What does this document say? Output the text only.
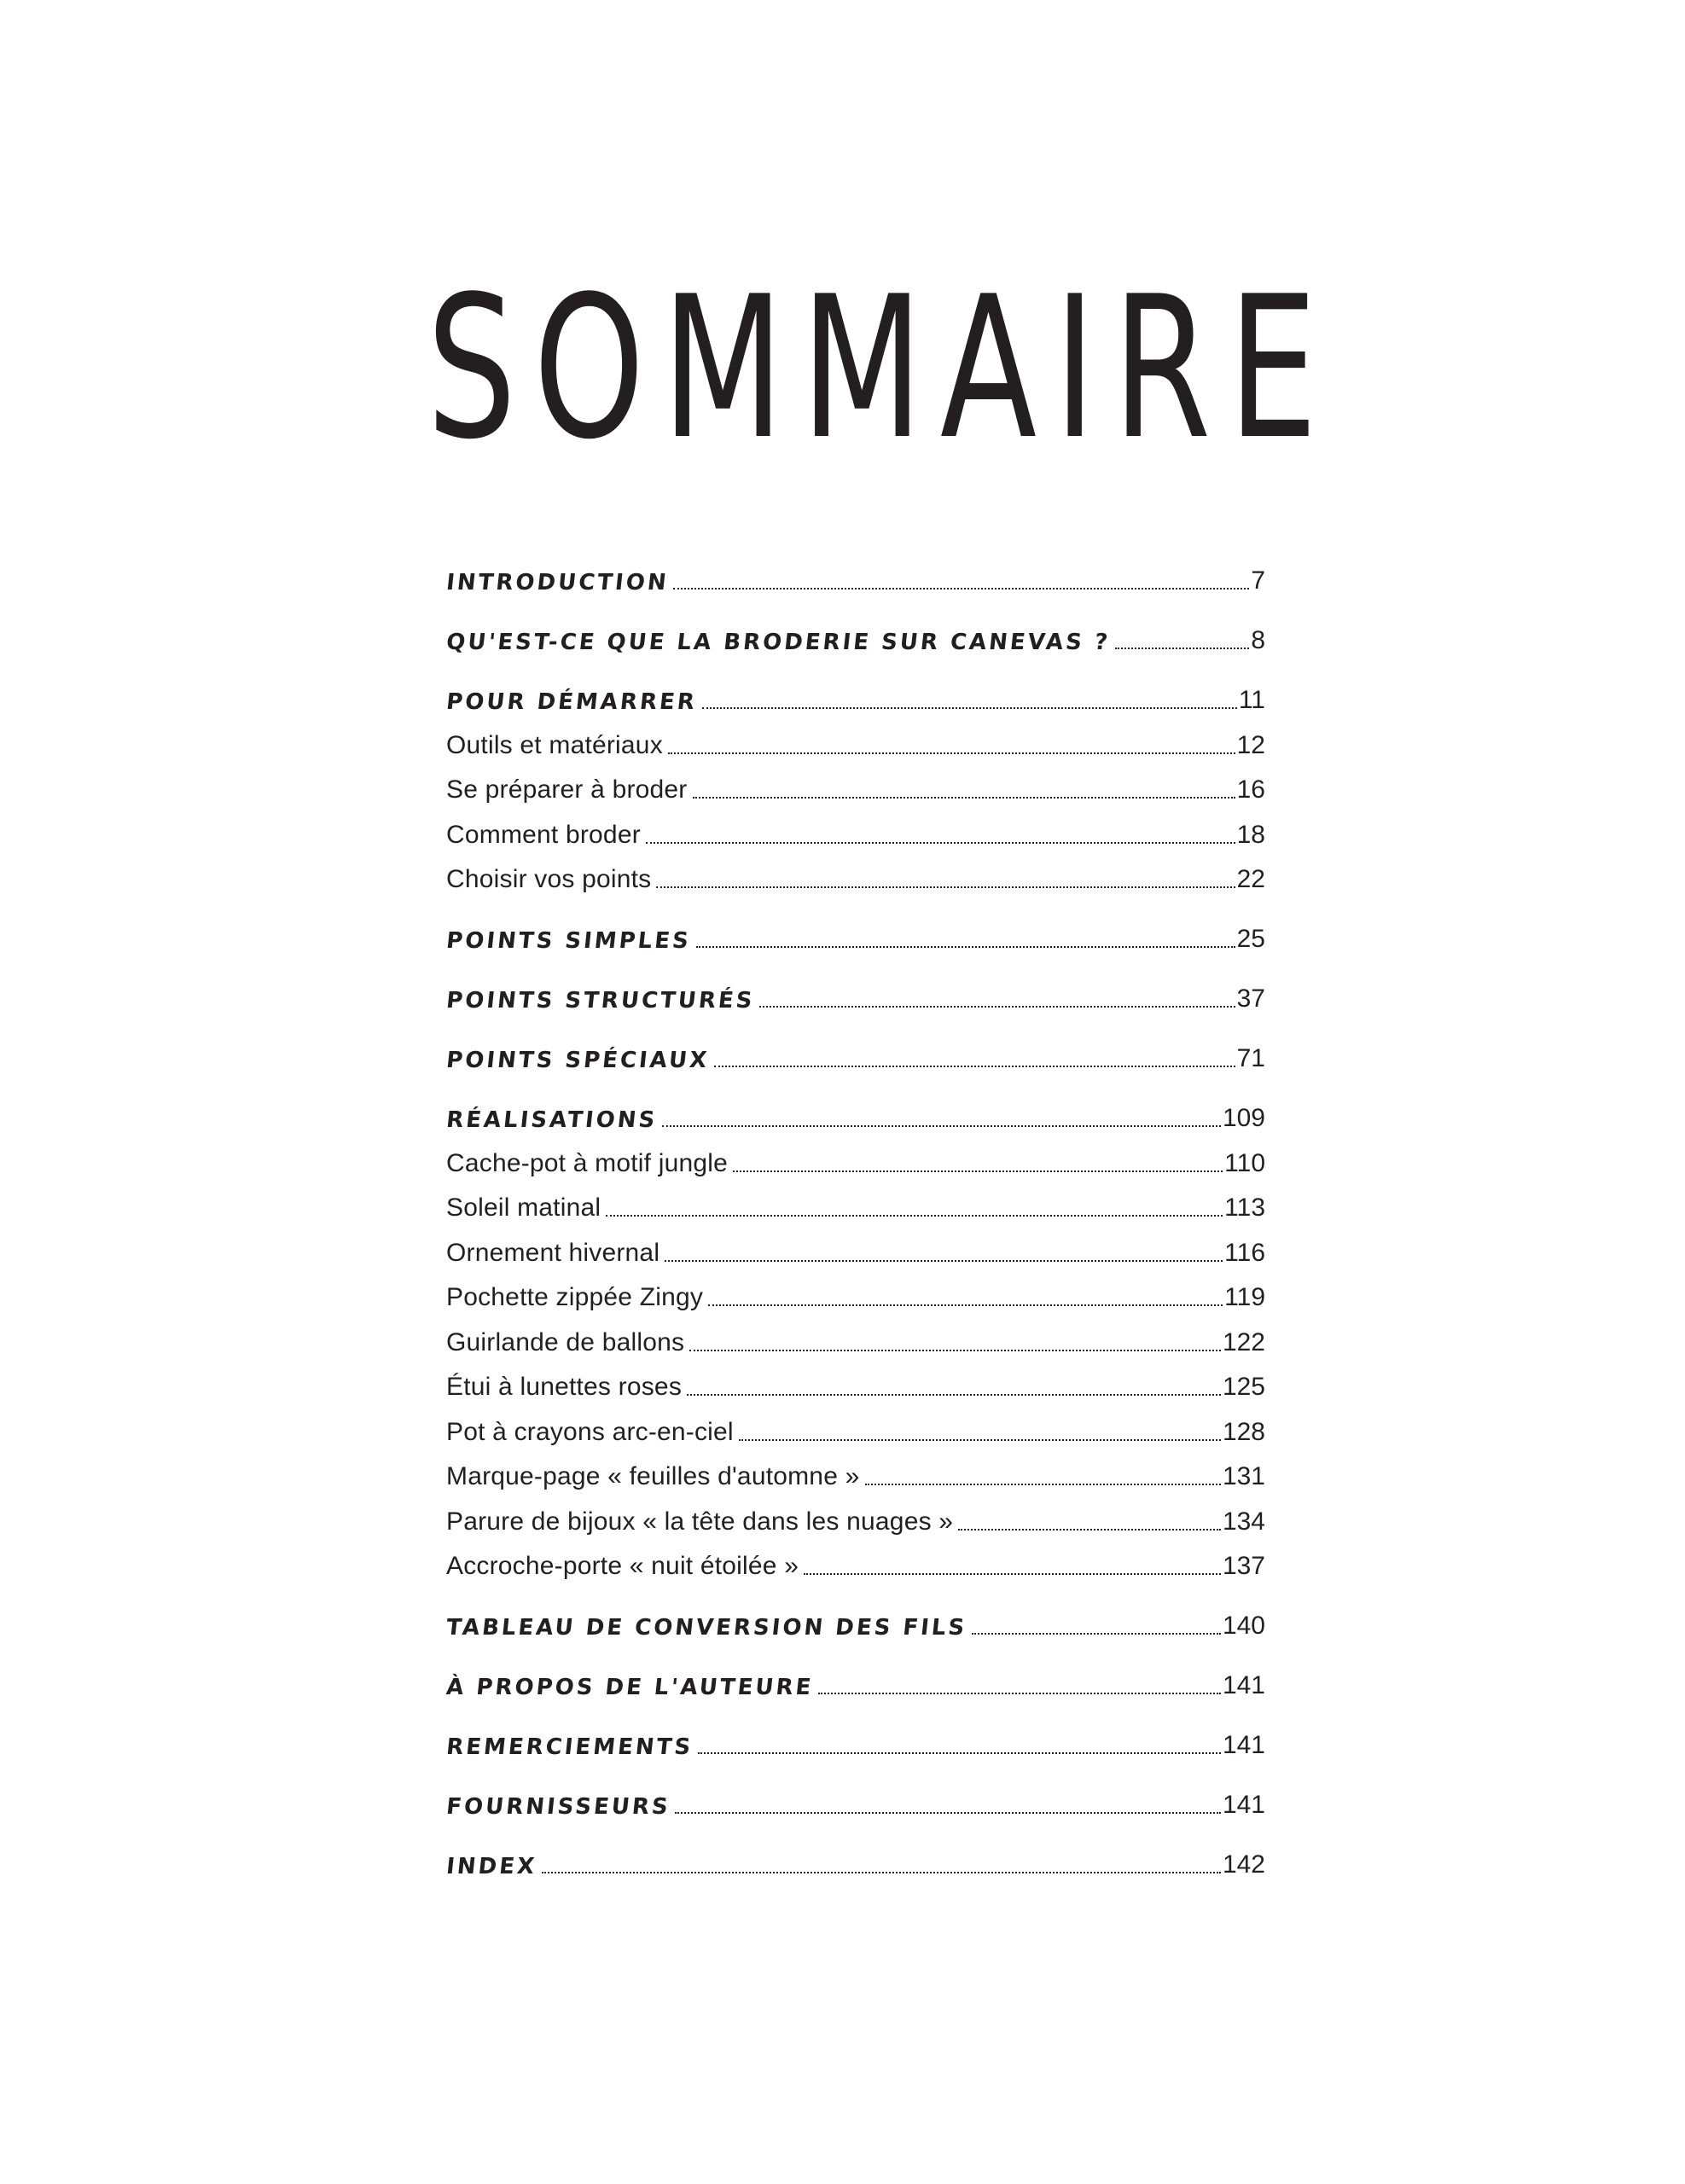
SOMMAIRE
INTRODUCTION	7
QU'EST-CE QUE LA BRODERIE SUR CANEVAS ?	8
POUR DÉMARRER	11
Outils et matériaux	12
Se préparer à broder	16
Comment broder	18
Choisir vos points	22
POINTS SIMPLES	25
POINTS STRUCTURÉS	37
POINTS SPÉCIAUX	71
RÉALISATIONS	109
Cache-pot à motif jungle	110
Soleil matinal	113
Ornement hivernal	116
Pochette zippée Zingy	119
Guirlande de ballons	122
Étui à lunettes roses	125
Pot à crayons arc-en-ciel	128
Marque-page « feuilles d'automne »	131
Parure de bijoux « la tête dans les nuages »	134
Accroche-porte « nuit étoilée »	137
TABLEAU DE CONVERSION DES FILS	140
À PROPOS DE L'AUTEURE	141
REMERCIEMENTS	141
FOURNISSEURS	141
INDEX	142
